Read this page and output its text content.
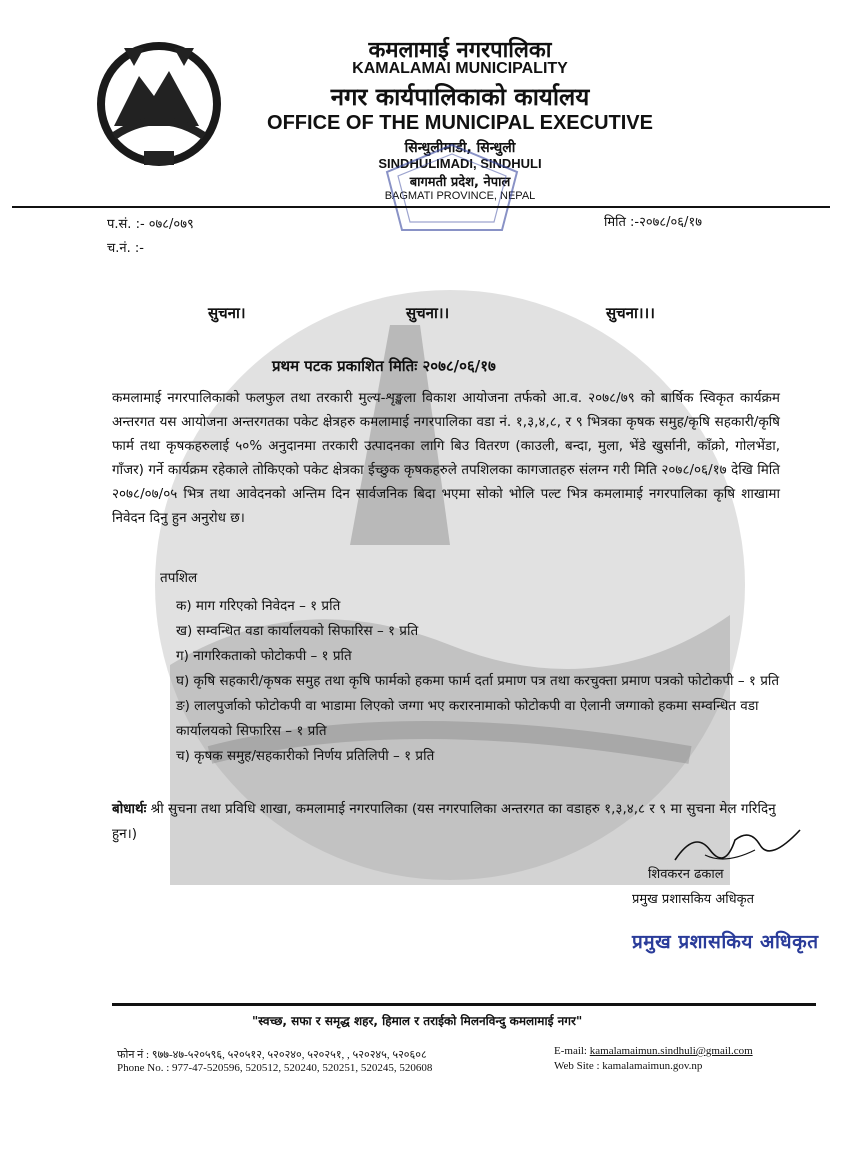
कमलामाई नगरपालिका
KAMALAMAI MUNICIPALITY
नगर कार्यपालिकाको कार्यालय
OFFICE OF THE MUNICIPAL EXECUTIVE
सिन्धुलीमाडी, सिन्धुली
SINDHULIMADI, SINDHULI
बागमती प्रदेश, नेपाल
BAGMATI PROVINCE, NEPAL
प.सं. :- ०७८/०७९
च.नं. :-
मिति :-२०७८/०६/१७
सुचना।	सुचना।।	सुचना।।।
प्रथम पटक प्रकाशित मितिः २०७८/०६/१७
कमलामाई नगरपालिकाको फलफुल तथा तरकारी मुल्य-शृङ्खला विकाश आयोजना तर्फको आ.व. २०७८/७९ को बार्षिक स्विकृत कार्यक्रम अन्तरगत यस आयोजना अन्तरगतका पकेट क्षेत्रहरु कमलामाई नगरपालिका वडा नं. १,३,४,८, र ९ भित्रका कृषक समुह/कृषि सहकारी/कृषि फार्म तथा कृषकहरुलाई ५०% अनुदानमा तरकारी उत्पादनका लागि बिउ वितरण (काउली, बन्दा, मुला, भेंडे खुर्सानी, काँक्रो, गोलभेंडा, गाँजर) गर्ने कार्यक्रम रहेकाले तोकिएको पकेट क्षेत्रका ईच्छुक कृषकहरुले तपशिलका कागजातहरु संलग्न गरी मिति २०७८/०६/१७ देखि मिति २०७८/०७/०५ भित्र तथा आवेदनको अन्तिम दिन सार्वजनिक बिदा भएमा सोको भोलि पल्ट भित्र कमलामाई नगरपालिका कृषि शाखामा निवेदन दिनु हुन अनुरोध छ।
तपशिल

क) माग गरिएको निवेदन – १ प्रति

ख) सम्वन्धित वडा कार्यालयको सिफारिस – १ प्रति

ग) नागरिकताको फोटोकपी – १ प्रति

घ) कृषि सहकारी/कृषक समुह तथा कृषि फार्मको हकमा फार्म दर्ता प्रमाण पत्र तथा करचुक्ता प्रमाण पत्रको फोटोकपी – १ प्रति

ङ) लालपुर्जाको फोटोकपी वा भाडामा लिएको जग्गा भए करारनामाको फोटोकपी वा ऐलानी जग्गाको हकमा सम्वन्धित वडा कार्यालयको सिफारिस – १ प्रति

च) कृषक समुह/सहकारीको निर्णय प्रतिलिपी – १ प्रति

बोधार्थः श्री सुचना तथा प्रविधि शाखा, कमलामाई नगरपालिका (यस नगरपालिका अन्तरगत का वडाहरु १,३,४,८ र ९ मा सुचना मेल गरिदिनु हुन।)
शिवकरन ढकाल
प्रमुख प्रशासकिय अधिकृत
प्रमुख प्रशासकिय अधिकृत
"स्वच्छ, सफा र समृद्ध शहर, हिमाल र तराईको मिलनविन्दु कमलामाई नगर"
फोन नं : ९७७-४७-५२०५९६, ५२०५१२, ५२०२४०, ५२०२५१, , ५२०२४५, ५२०६०८
Phone No. : 977-47-520596, 520512, 520240, 520251, 520245, 520608
E-mail: kamalamaimun.sindhuli@gmail.com
Web Site : kamalamaimun.gov.np
